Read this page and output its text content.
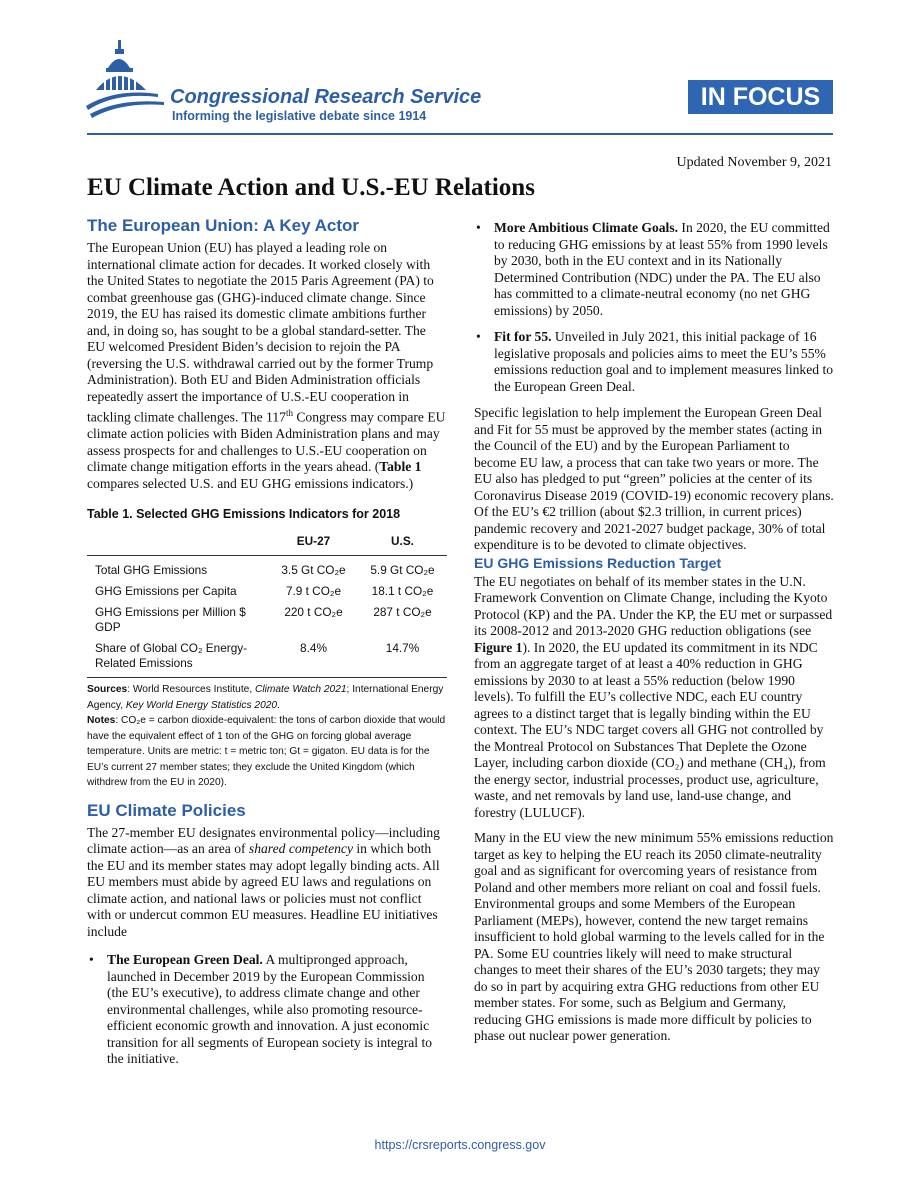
Congressional Research Service
Informing the legislative debate since 1914
IN FOCUS
Updated November 9, 2021
EU Climate Action and U.S.-EU Relations
The European Union: A Key Actor

The European Union (EU) has played a leading role on international climate action for decades. It worked closely with the United States to negotiate the 2015 Paris Agreement (PA) to combat greenhouse gas (GHG)-induced climate change. Since 2019, the EU has raised its domestic climate ambitions further and, in doing so, has sought to be a global standard-setter. The EU welcomed President Biden’s decision to rejoin the PA (reversing the U.S. withdrawal carried out by the former Trump Administration). Both EU and Biden Administration officials repeatedly assert the importance of U.S.-EU cooperation in tackling climate challenges. The 117th Congress may compare EU climate action policies with Biden Administration plans and may assess prospects for and challenges to U.S.-EU cooperation on climate change mitigation efforts in the years ahead. (Table 1 compares selected U.S. and EU GHG emissions indicators.)

Table 1. Selected GHG Emissions Indicators for 2018
	EU-27	U.S.
Total GHG Emissions	3.5 Gt CO₂e	5.9 Gt CO₂e
GHG Emissions per Capita	7.9 t CO₂e	18.1 t CO₂e
GHG Emissions per Million $ GDP	220 t CO₂e	287 t CO₂e
Share of Global CO₂ Energy-Related Emissions	8.4%	14.7%
Sources: World Resources Institute, Climate Watch 2021; International Energy Agency, Key World Energy Statistics 2020.
Notes: CO₂e = carbon dioxide-equivalent: the tons of carbon dioxide that would have the equivalent effect of 1 ton of the GHG on forcing global average temperature. Units are metric: t = metric ton; Gt = gigaton. EU data is for the EU’s current 27 member states; they exclude the United Kingdom (which withdrew from the EU in 2020).
EU Climate Policies

The 27-member EU designates environmental policy—including climate action—as an area of shared competency in which both the EU and its member states may adopt legally binding acts. All EU members must abide by agreed EU laws and regulations on climate action, and national laws or policies must not conflict with or undercut common EU measures. Headline EU initiatives include

• The European Green Deal. A multipronged approach, launched in December 2019 by the European Commission (the EU’s executive), to address climate change and other environmental challenges, while also promoting resource-efficient economic growth and innovation. A just economic transition for all segments of European society is integral to the initiative.
• More Ambitious Climate Goals. In 2020, the EU committed to reducing GHG emissions by at least 55% from 1990 levels by 2030, both in the EU context and in its Nationally Determined Contribution (NDC) under the PA. The EU also has committed to a climate-neutral economy (no net GHG emissions) by 2050.
• Fit for 55. Unveiled in July 2021, this initial package of 16 legislative proposals and policies aims to meet the EU’s 55% emissions reduction goal and to implement measures linked to the European Green Deal.

Specific legislation to help implement the European Green Deal and Fit for 55 must be approved by the member states (acting in the Council of the EU) and by the European Parliament to become EU law, a process that can take two years or more. The EU also has pledged to put “green” policies at the center of its Coronavirus Disease 2019 (COVID-19) economic recovery plans. Of the EU’s €2 trillion (about $2.3 trillion, in current prices) pandemic recovery and 2021-2027 budget package, 30% of total expenditure is to be devoted to climate objectives.

EU GHG Emissions Reduction Target

The EU negotiates on behalf of its member states in the U.N. Framework Convention on Climate Change, including the Kyoto Protocol (KP) and the PA. Under the KP, the EU met or surpassed its 2008-2012 and 2013-2020 GHG reduction obligations (see Figure 1). In 2020, the EU updated its commitment in its NDC from an aggregate target of at least a 40% reduction in GHG emissions by 2030 to at least a 55% reduction (below 1990 levels). To fulfill the EU’s collective NDC, each EU country agrees to a distinct target that is legally binding within the EU context. The EU’s NDC target covers all GHG not controlled by the Montreal Protocol on Substances That Deplete the Ozone Layer, including carbon dioxide (CO₂) and methane (CH₄), from the energy sector, industrial processes, product use, agriculture, waste, and net removals by land use, land-use change, and forestry (LULUCF).

Many in the EU view the new minimum 55% emissions reduction target as key to helping the EU reach its 2050 climate-neutrality goal and as significant for overcoming years of resistance from Poland and other members more reliant on coal and fossil fuels. Environmental groups and some Members of the European Parliament (MEPs), however, contend the new target remains insufficient to hold global warming to the levels called for in the PA. Some EU countries likely will need to make structural changes to meet their shares of the EU’s 2030 targets; they may do so in part by acquiring extra GHG reductions from other EU member states. For some, such as Belgium and Germany, reducing GHG emissions is made more difficult by policies to phase out nuclear power generation.

https://crsreports.congress.gov
